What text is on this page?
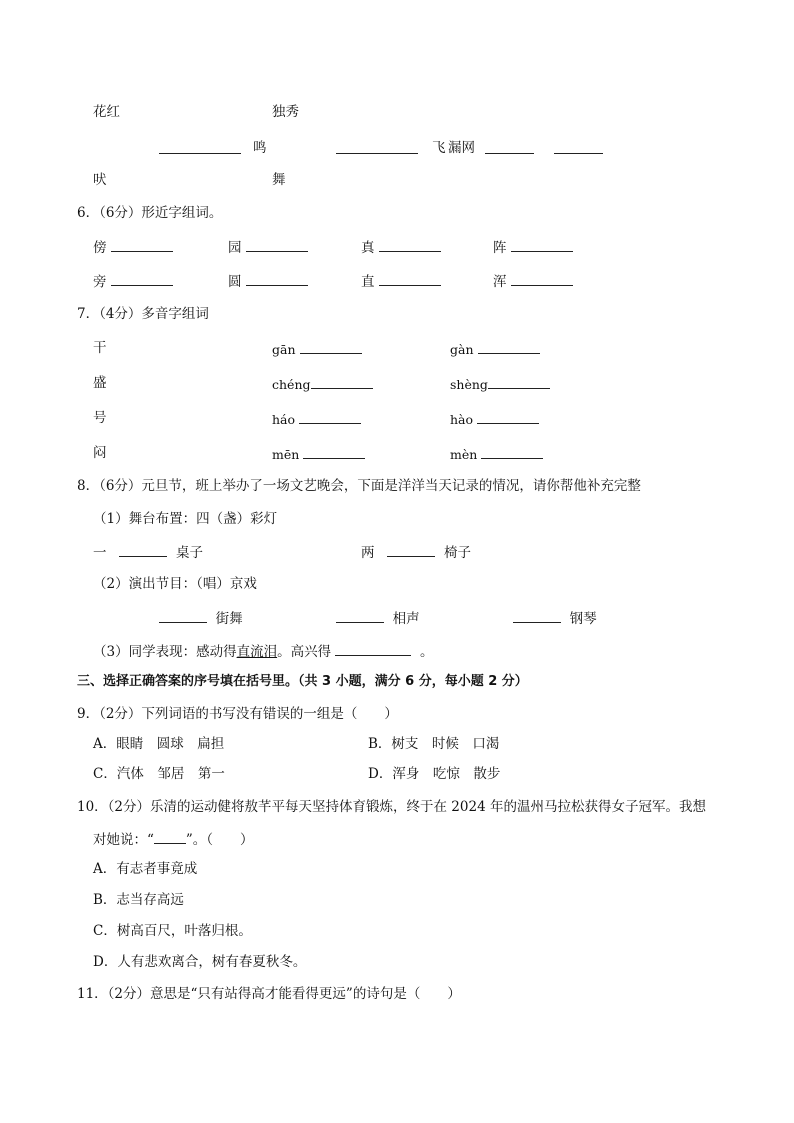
花红	独秀
鸣	飞 漏网
吠	舞
6．（6分）形近字组词。
傍	园	真	阵
旁	圆	直	浑
7．（4分）多音字组词
干	gān	gàn
盛	chéng	shèng
号	háo	hào
闷	mēn	mèn
8．（6分）元旦节，班上举办了一场文艺晚会，下面是洋洋当天记录的情况，请你帮他补充完整
（1）舞台布置：四（盏）彩灯
一	桌子	两	椅子
（2）演出节目：（唱）京戏
街舞	相声	钢琴
（3）同学表现：感动得直流泪。高兴得	。
三、选择正确答案的序号填在括号里。（共 3 小题，满分 6 分，每小题 2 分）
9．（2分）下列词语的书写没有错误的一组是（　　）
A．眼睛　圆球　扁担	B．树支　时候　口渴
C．汽体　邹居　第一	D．浑身　吃惊　散步
10．（2分）乐清的运动健将敖芊平每天坚持体育锻炼，终于在 2024 年的温州马拉松获得女子冠军。我想
对她说：“ ”。（　　）
A．有志者事竟成
B．志当存高远
C．树高百尺，叶落归根。
D．人有悲欢离合，树有春夏秋冬。
11．（2分）意思是“只有站得高才能看得更远”的诗句是（　　）
